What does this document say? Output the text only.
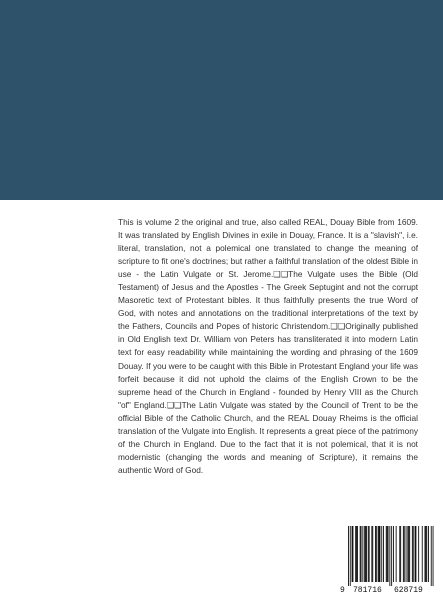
This is volume 2 the original and true, also called REAL, Douay Bible from 1609. It was translated by English Divines in exile in Douay, France. It is a "slavish", i.e. literal, translation, not a polemical one translated to change the meaning of scripture to fit one's doctrines; but rather a faithful translation of the oldest Bible in use - the Latin Vulgate or St. Jerome.❑❑The Vulgate uses the Bible (Old Testament) of Jesus and the Apostles - The Greek Septugint and not the corrupt Masoretic text of Protestant bibles. It thus faithfully presents the true Word of God, with notes and annotations on the traditional interpretations of the text by the Fathers, Councils and Popes of historic Christendom.❑❑Originally published in Old English text Dr. William von Peters has transliterated it into modern Latin text for easy readability while maintaining the wording and phrasing of the 1609 Douay. If you were to be caught with this Bible in Protestant England your life was forfeit because it did not uphold the claims of the English Crown to be the supreme head of the Church in England - founded by Henry VIII as the Church "of" England.❑❑The Latin Vulgate was stated by the Council of Trent to be the official Bible of the Catholic Church, and the REAL Douay Rheims is the official translation of the Vulgate into English. It represents a great piece of the patrimony of the Church in England. Due to the fact that it is not polemical, that it is not modernistic (changing the words and meaning of Scripture), it remains the authentic Word of God.

9 781716 628719
